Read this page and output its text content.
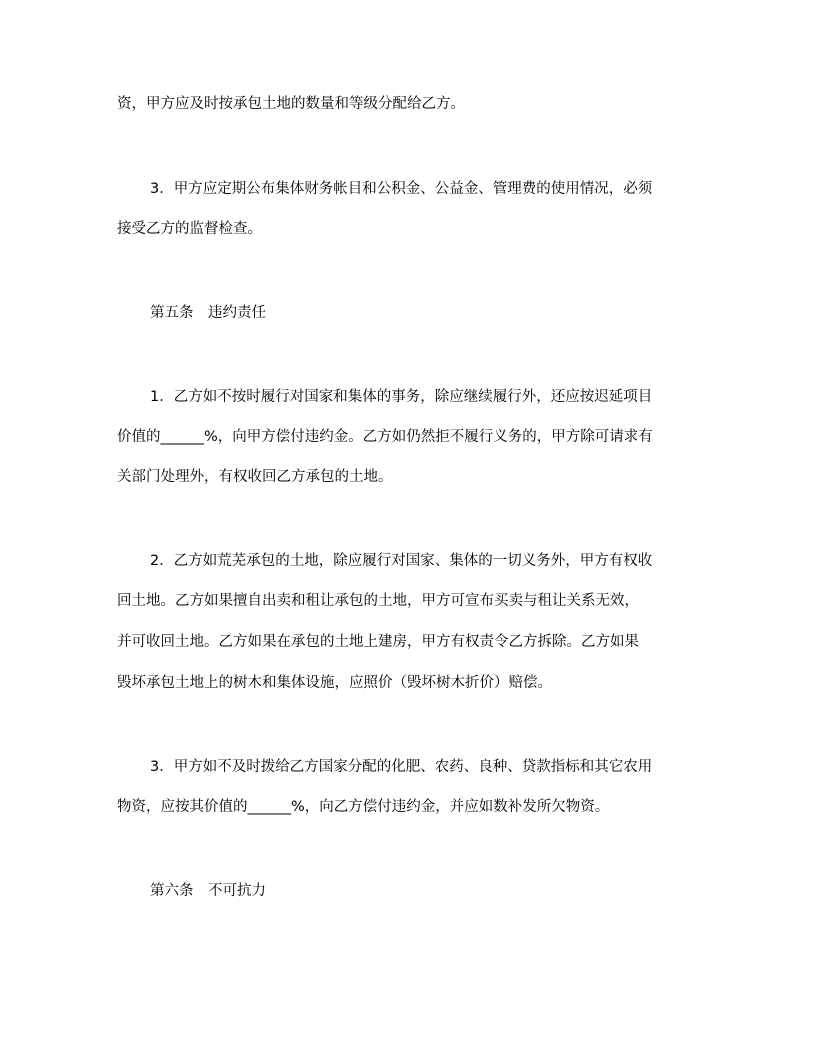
资，甲方应及时按承包土地的数量和等级分配给乙方。
3．甲方应定期公布集体财务帐目和公积金、公益金、管理费的使用情况，必须
接受乙方的监督检查。
第五条　违约责任
1．乙方如不按时履行对国家和集体的事务，除应继续履行外，还应按迟延项目
价值的______%，向甲方偿付违约金。乙方如仍然拒不履行义务的，甲方除可请求有
关部门处理外，有权收回乙方承包的土地。
2．乙方如荒芜承包的土地，除应履行对国家、集体的一切义务外，甲方有权收
回土地。乙方如果擅自出卖和租让承包的土地，甲方可宣布买卖与租让关系无效，
并可收回土地。乙方如果在承包的土地上建房，甲方有权责令乙方拆除。乙方如果
毁坏承包土地上的树木和集体设施，应照价（毁坏树木折价）赔偿。
3．甲方如不及时拨给乙方国家分配的化肥、农药、良种、贷款指标和其它农用
物资，应按其价值的______%，向乙方偿付违约金，并应如数补发所欠物资。
第六条　不可抗力
